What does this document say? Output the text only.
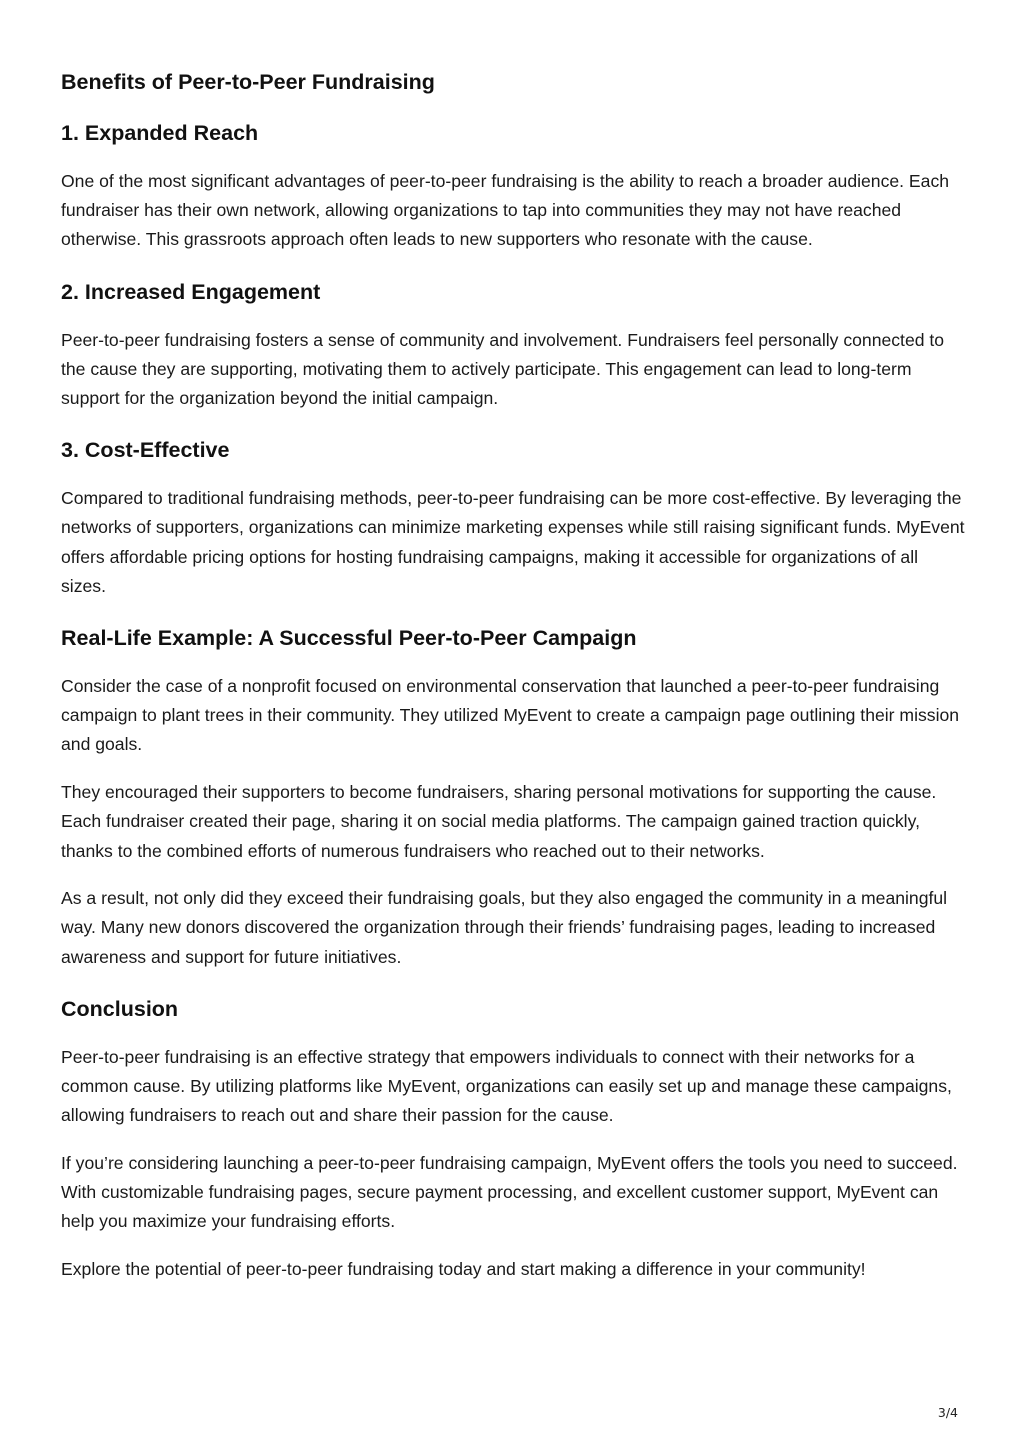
Benefits of Peer-to-Peer Fundraising
1. Expanded Reach

One of the most significant advantages of peer-to-peer fundraising is the ability to reach a broader audience. Each fundraiser has their own network, allowing organizations to tap into communities they may not have reached otherwise. This grassroots approach often leads to new supporters who resonate with the cause.

2. Increased Engagement

Peer-to-peer fundraising fosters a sense of community and involvement. Fundraisers feel personally connected to the cause they are supporting, motivating them to actively participate. This engagement can lead to long-term support for the organization beyond the initial campaign.

3. Cost-Effective

Compared to traditional fundraising methods, peer-to-peer fundraising can be more cost-effective. By leveraging the networks of supporters, organizations can minimize marketing expenses while still raising significant funds. MyEvent offers affordable pricing options for hosting fundraising campaigns, making it accessible for organizations of all sizes.

Real-Life Example: A Successful Peer-to-Peer Campaign

Consider the case of a nonprofit focused on environmental conservation that launched a peer-to-peer fundraising campaign to plant trees in their community. They utilized MyEvent to create a campaign page outlining their mission and goals.

They encouraged their supporters to become fundraisers, sharing personal motivations for supporting the cause. Each fundraiser created their page, sharing it on social media platforms. The campaign gained traction quickly, thanks to the combined efforts of numerous fundraisers who reached out to their networks.

As a result, not only did they exceed their fundraising goals, but they also engaged the community in a meaningful way. Many new donors discovered the organization through their friends’ fundraising pages, leading to increased awareness and support for future initiatives.

Conclusion

Peer-to-peer fundraising is an effective strategy that empowers individuals to connect with their networks for a common cause. By utilizing platforms like MyEvent, organizations can easily set up and manage these campaigns, allowing fundraisers to reach out and share their passion for the cause.

If you’re considering launching a peer-to-peer fundraising campaign, MyEvent offers the tools you need to succeed. With customizable fundraising pages, secure payment processing, and excellent customer support, MyEvent can help you maximize your fundraising efforts.

Explore the potential of peer-to-peer fundraising today and start making a difference in your community!

3/4
